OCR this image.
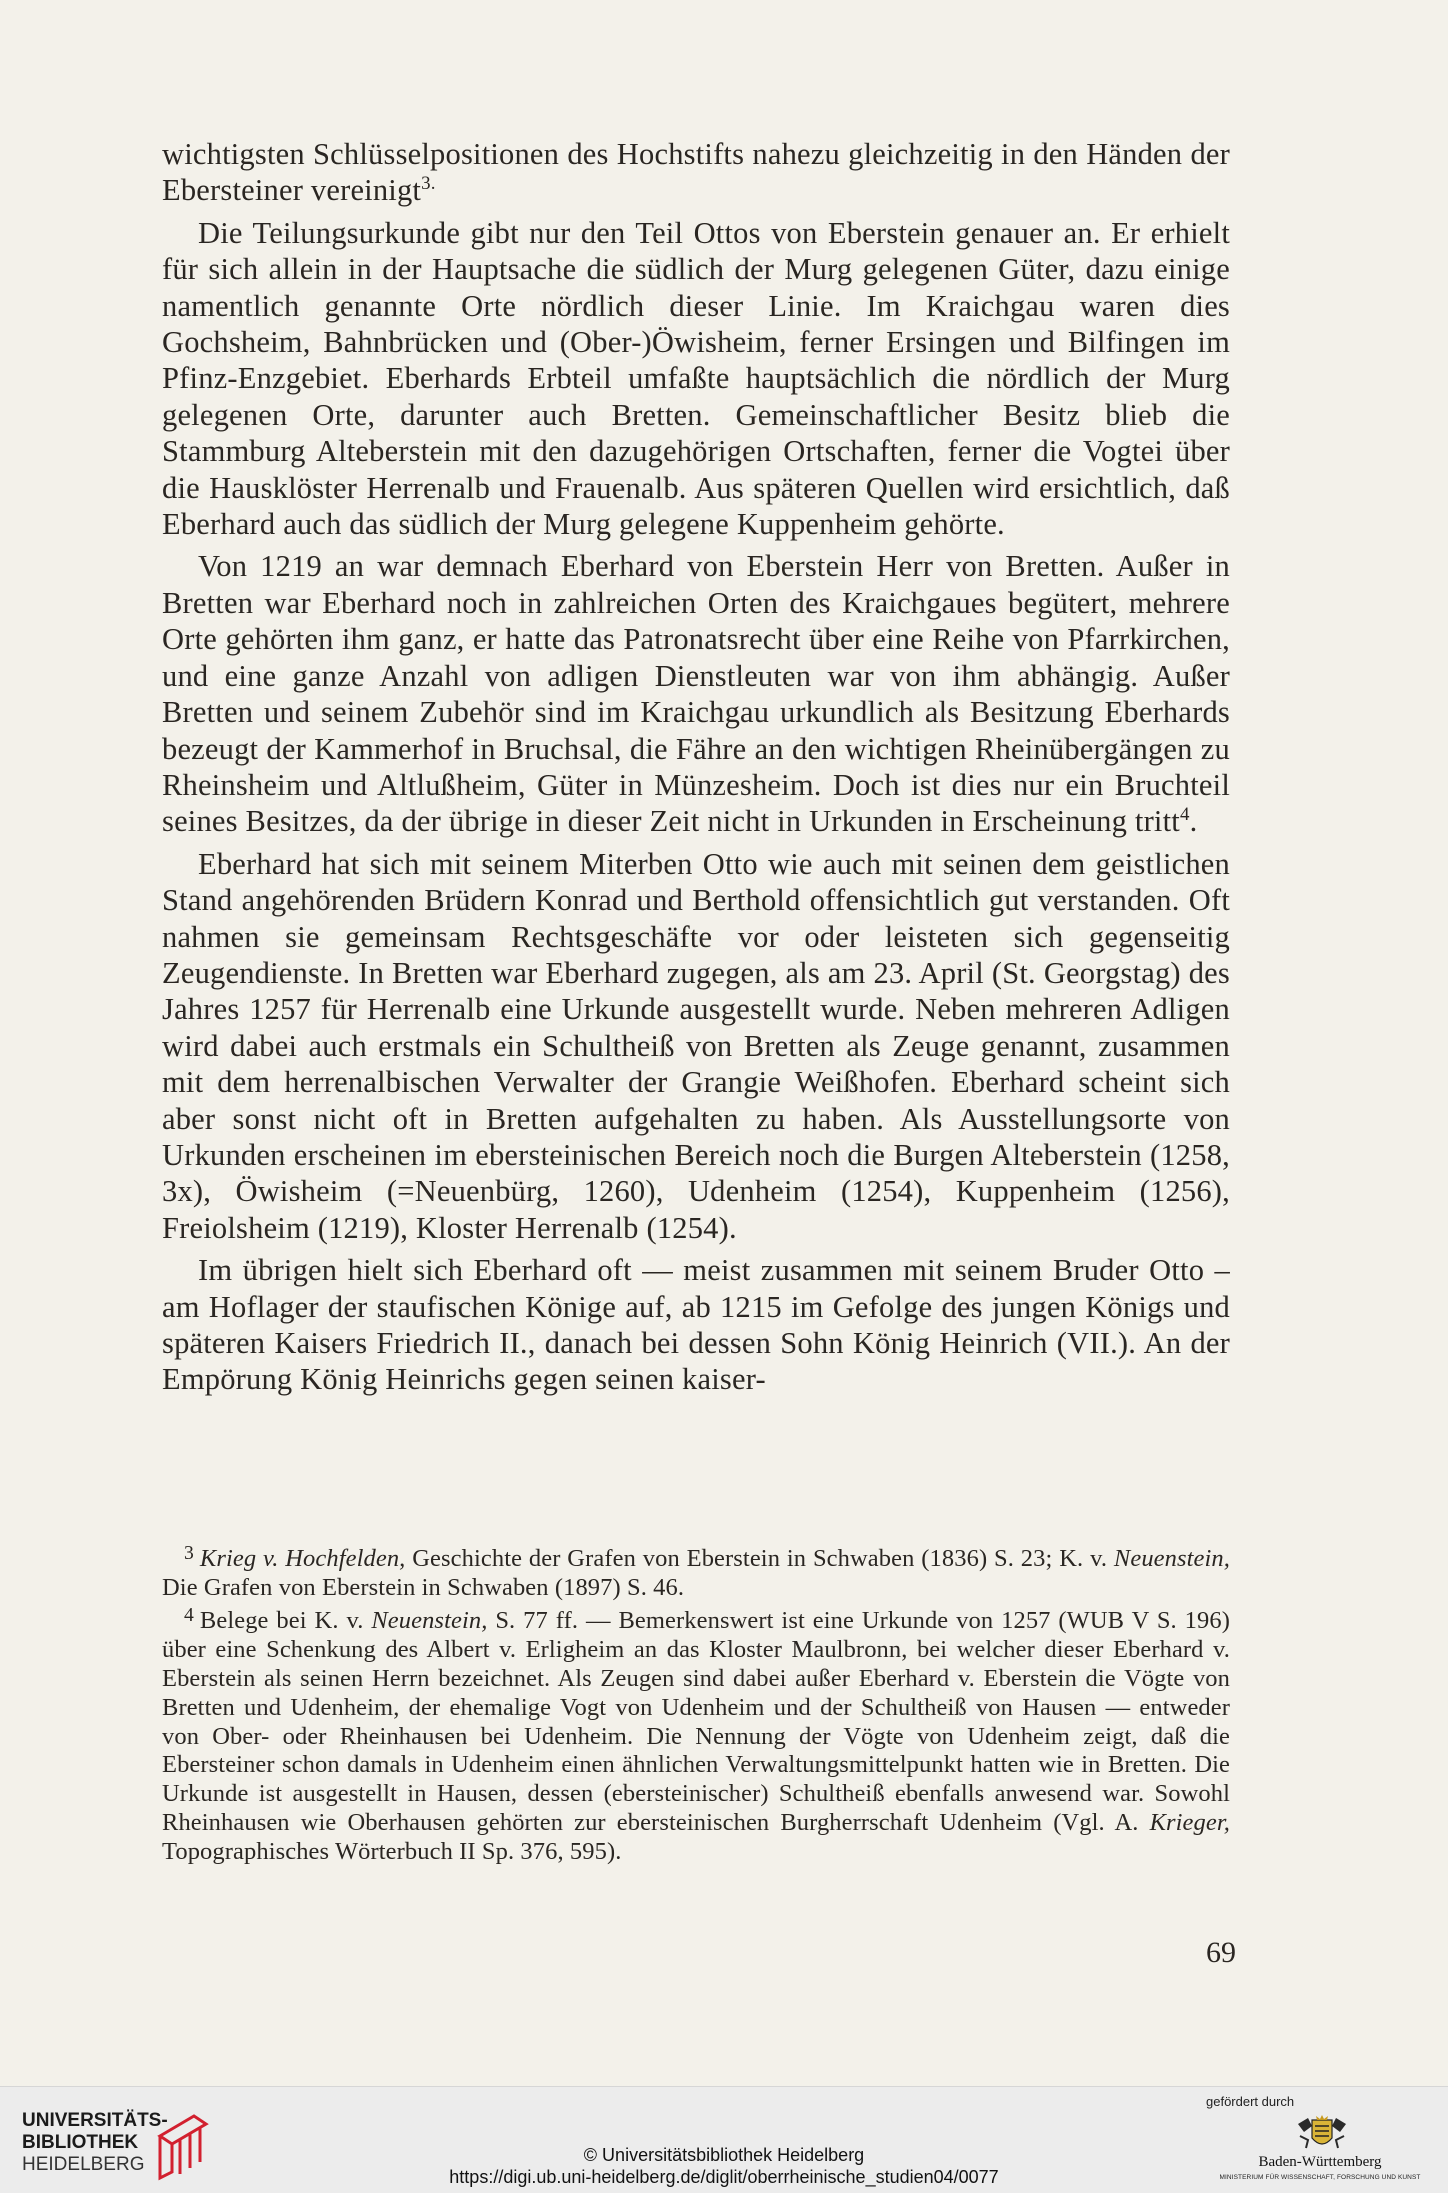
wichtigsten Schlüsselpositionen des Hochstifts nahezu gleichzeitig in den Händen der Ebersteiner vereinigt$^{3.}$

Die Teilungsurkunde gibt nur den Teil Ottos von Eberstein genauer an. Er erhielt für sich allein in der Hauptsache die südlich der Murg gelegenen Güter, dazu einige namentlich genannte Orte nördlich dieser Linie. Im Kraichgau waren dies Gochsheim, Bahnbrücken und (Ober-)Öwisheim, ferner Ersingen und Bilfingen im Pfinz-Enzgebiet. Eberhards Erbteil umfaßte hauptsächlich die nördlich der Murg gelegenen Orte, darunter auch Bretten. Gemeinschaftlicher Besitz blieb die Stammburg Alteberstein mit den dazugehörigen Ortschaften, ferner die Vogtei über die Hausklöster Herrenalb und Frauenalb. Aus späteren Quellen wird ersichtlich, daß Eberhard auch das südlich der Murg gelegene Kuppenheim gehörte.

Von 1219 an war demnach Eberhard von Eberstein Herr von Bretten. Außer in Bretten war Eberhard noch in zahlreichen Orten des Kraichgaues begütert, mehrere Orte gehörten ihm ganz, er hatte das Patronatsrecht über eine Reihe von Pfarrkirchen, und eine ganze Anzahl von adligen Dienstleuten war von ihm abhängig. Außer Bretten und seinem Zubehör sind im Kraichgau urkundlich als Besitzung Eberhards bezeugt der Kammerhof in Bruchsal, die Fähre an den wichtigen Rheinübergängen zu Rheinsheim und Altlußheim, Güter in Münzesheim. Doch ist dies nur ein Bruchteil seines Besitzes, da der übrige in dieser Zeit nicht in Urkunden in Erscheinung tritt$^4$.

Eberhard hat sich mit seinem Miterben Otto wie auch mit seinen dem geistlichen Stand angehörenden Brüdern Konrad und Berthold offensichtlich gut verstanden. Oft nahmen sie gemeinsam Rechtsgeschäfte vor oder leisteten sich gegenseitig Zeugendienste. In Bretten war Eberhard zugegen, als am 23. April (St. Georgstag) des Jahres 1257 für Herrenalb eine Urkunde ausgestellt wurde. Neben mehreren Adligen wird dabei auch erstmals ein Schultheiß von Bretten als Zeuge genannt, zusammen mit dem herrenalbischen Verwalter der Grangie Weißhofen. Eberhard scheint sich aber sonst nicht oft in Bretten aufgehalten zu haben. Als Ausstellungsorte von Urkunden erscheinen im ebersteinischen Bereich noch die Burgen Alteberstein (1258, 3x), Öwisheim (=Neuenbürg, 1260), Udenheim (1254), Kuppenheim (1256), Freiolsheim (1219), Kloster Herrenalb (1254).

Im übrigen hielt sich Eberhard oft — meist zusammen mit seinem Bruder Otto – am Hoflager der staufischen Könige auf, ab 1215 im Gefolge des jungen Königs und späteren Kaisers Friedrich II., danach bei dessen Sohn König Heinrich (VII.). An der Empörung König Heinrichs gegen seinen kaiser-

$^3$ Krieg v. Hochfelden, Geschichte der Grafen von Eberstein in Schwaben (1836) S. 23; K. v. Neuenstein, Die Grafen von Eberstein in Schwaben (1897) S. 46.

$^4$ Belege bei K. v. Neuenstein, S. 77 ff. — Bemerkenswert ist eine Urkunde von 1257 (WUB V S. 196) über eine Schenkung des Albert v. Erligheim an das Kloster Maulbronn, bei welcher dieser Eberhard v. Eberstein als seinen Herrn bezeichnet. Als Zeugen sind dabei außer Eberhard v. Eberstein die Vögte von Bretten und Udenheim, der ehemalige Vogt von Udenheim und der Schultheiß von Hausen — entweder von Ober- oder Rheinhausen bei Udenheim. Die Nennung der Vögte von Udenheim zeigt, daß die Ebersteiner schon damals in Udenheim einen ähnlichen Verwaltungsmittelpunkt hatten wie in Bretten. Die Urkunde ist ausgestellt in Hausen, dessen (ebersteinischer) Schultheiß ebenfalls anwesend war. Sowohl Rheinhausen wie Oberhausen gehörten zur ebersteinischen Burgherrschaft Udenheim (Vgl. A. Krieger, Topographisches Wörterbuch II Sp. 376, 595).

69
UNIVERSITÄTS-
BIBLIOTHEK
HEIDELBERG	© Universitätsbibliothek Heidelberg
https://digi.ub.uni-heidelberg.de/diglit/oberrheinische_studien04/0077
gefördert durch
Baden-Württemberg
MINISTERIUM FÜR WISSENSCHAFT, FORSCHUNG UND KUNST
